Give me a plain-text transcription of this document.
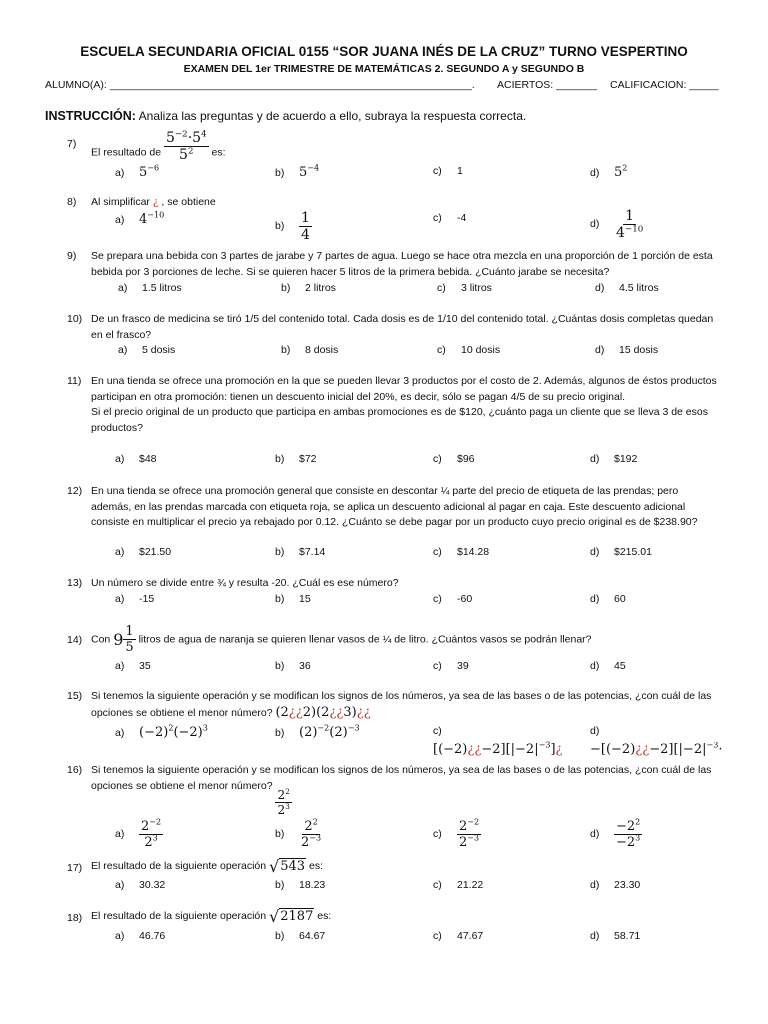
ESCUELA SECUNDARIA OFICIAL 0155 “SOR JUANA INÉS DE LA CRUZ” TURNO VESPERTINO
EXAMEN DEL 1er TRIMESTRE DE MATEMÁTICAS 2. SEGUNDO A y SEGUNDO B
ALUMNO(A): ______________________________________________________________. ACIERTOS: _______ CALIFICACION: _____
INSTRUCCIÓN: Analiza las preguntas y de acuerdo a ello, subraya la respuesta correcta.
7)
El resultado de $\frac{5^{-2}\cdot 5^4}{5^2}$ es:
a) $5^{-6}$	b) $5^{-4}$	c) 1	d) $5^2$
8) Al simplificar ¿ , se obtiene
a) $4^{-10}$
$b) \frac{1}{4}$	c) -4
$d) \frac{1}{4^{-10}}$
9) Se prepara una bebida con 3 partes de jarabe y 7 partes de agua. Luego se hace otra mezcla en una proporción de 1 porción de esta bebida por 3 porciones de leche. Si se quieren hacer 5 litros de la primera bebida. ¿Cuánto jarabe se necesita?
a) 1.5 litros	b) 2 litros	c) 3 litros	d) 4.5 litros
10) De un frasco de medicina se tiró 1/5 del contenido total. Cada dosis es de 1/10 del contenido total. ¿Cuántas dosis completas quedan en el frasco?
a) 5 dosis	b) 8 dosis	c) 10 dosis	d) 15 dosis
11) En una tienda se ofrece una promoción en la que se pueden llevar 3 productos por el costo de 2. Además, algunos de éstos productos participan en otra promoción: tienen un descuento inicial del 20%, es decir, sólo se pagan 4/5 de su precio original.
Si el precio original de un producto que participa en ambas promociones es de $120, ¿cuánto paga un cliente que se lleva 3 de esos productos?
a) $48	b) $72	c) $96	d) $192
12) En una tienda se ofrece una promoción general que consiste en descontar ¼ parte del precio de etiqueta de las prendas; pero además, en las prendas marcada con etiqueta roja, se aplica un descuento adicional al pagar en caja. Este descuento adicional consiste en multiplicar el precio ya rebajado por 0.12. ¿Cuánto se debe pagar por un producto cuyo precio original es de $238.90?
a) $21.50	b) $7.14	c) $14.28	d) $215.01
13) Un número se divide entre ¾ y resulta -20. ¿Cuál es ese número?
a) -15	b) 15	c) -60	d) 60
14) Con $9 \frac{1}{5}$ litros de agua de naranja se quieren llenar vasos de ¼ de litro. ¿Cuántos vasos se podrán llenar?
a) 35	b) 36	c) 39	d) 45
15) Si tenemos la siguiente operación y se modifican los signos de los números, ya sea de las bases o de las potencias, ¿con cuál de las opciones se obtiene el menor número? (2¿¿2)(2¿¿3)¿¿
a) $(-2)^2(-2)^3$	b) $(2)^{-2}(2)^{-3}$	c)
$[(-2)¿¿-2][|-2|^{-3}]¿$
d)
$-[(-2)¿¿-2][|-2|^{-3}\cdot$
16) Si tenemos la siguiente operación y se modifican los signos de los números, ya sea de las bases o de las potencias, ¿con cuál de las opciones se obtiene el menor número?
$\frac{2^2}{2^3}$
$a) \frac{2^{-2}}{2^3}$	$b) \frac{2^2}{2^{-3}}$	$c) \frac{2^{-2}}{2^{-3}}$	$d) \frac{-2^2}{-2^3}$
17) El resultado de la siguiente operación √ 543 es:
a) 30.32	b) 18.23	c) 21.22	d) 23.30
18) El resultado de la siguiente operación √ 2187 es:
a) 46.76	b) 64.67	c) 47.67	d) 58.71
